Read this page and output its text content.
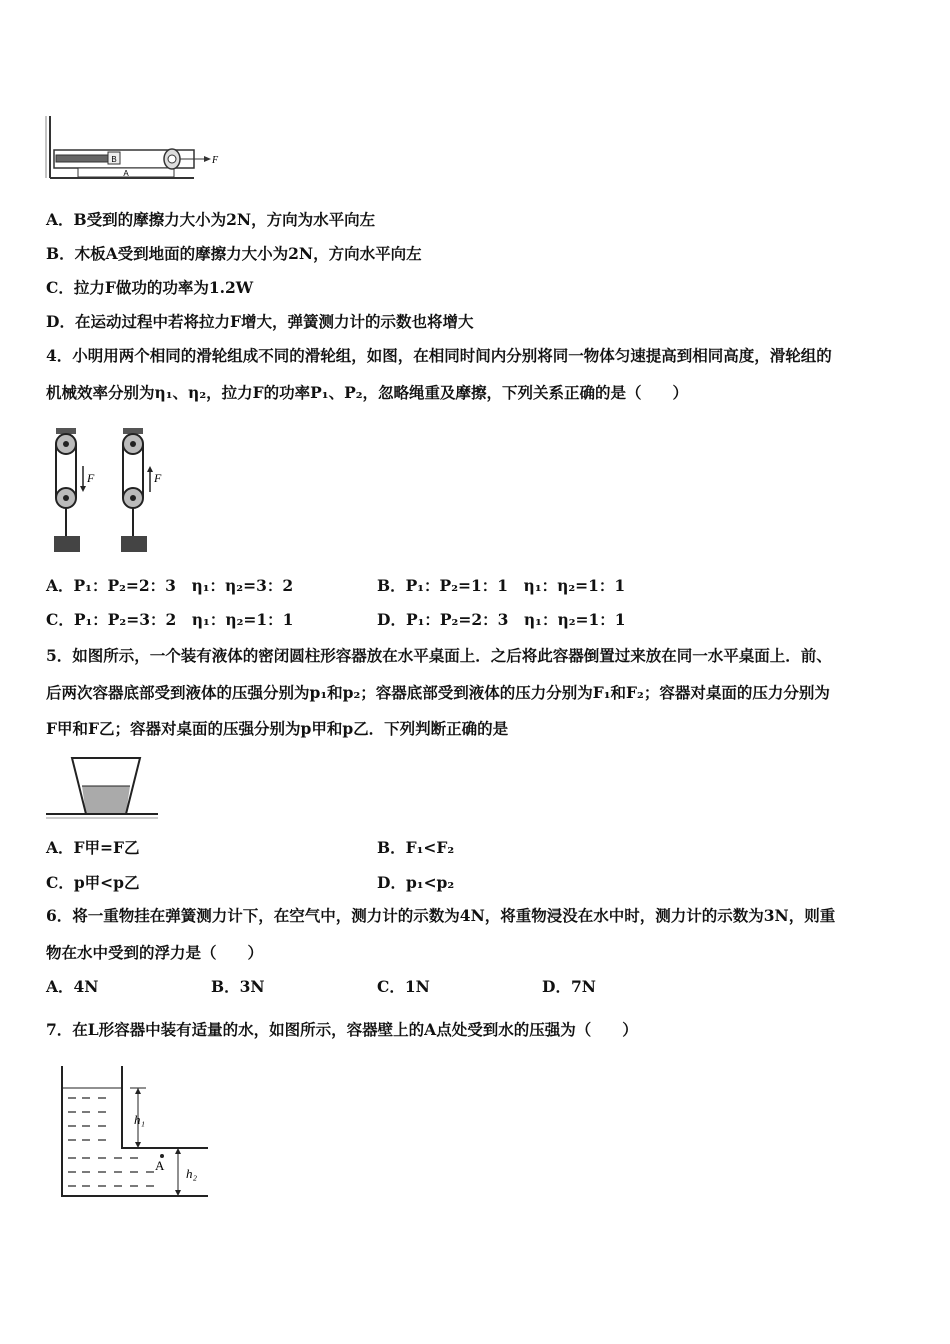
B
A
F
A．B受到的摩擦力大小为2N，方向为水平向左
B．木板A受到地面的摩擦力大小为2N，方向水平向左
C．拉力F做功的功率为1.2W
D．在运动过程中若将拉力F增大，弹簧测力计的示数也将增大
4．小明用两个相同的滑轮组成不同的滑轮组，如图，在相同时间内分别将同一物体匀速提高到相同高度，滑轮组的
机械效率分别为η₁、η₂，拉力F的功率P₁、P₂，忽略绳重及摩擦，下列关系正确的是（　　）
F	F
A．P₁：P₂=2：3　η₁：η₂=3：2	B．P₁：P₂=1：1　η₁：η₂=1：1
C．P₁：P₂=3：2　η₁：η₂=1：1	D．P₁：P₂=2：3　η₁：η₂=1：1
5．如图所示，一个装有液体的密闭圆柱形容器放在水平桌面上．之后将此容器倒置过来放在同一水平桌面上．前、
后两次容器底部受到液体的压强分别为p₁和p₂；容器底部受到液体的压力分别为F₁和F₂；容器对桌面的压力分别为
F甲和F乙；容器对桌面的压强分别为p甲和p乙．下列判断正确的是
A．F甲=F乙	B．F₁<F₂
C．p甲<p乙	D．p₁<p₂
6．将一重物挂在弹簧测力计下，在空气中，测力计的示数为4N，将重物浸没在水中时，测力计的示数为3N，则重
物在水中受到的浮力是（　　）
A．4N	B．3N	C．1N	D．7N
7．在L形容器中装有适量的水，如图所示，容器壁上的A点处受到水的压强为（　　）
h₁
A
h₂
